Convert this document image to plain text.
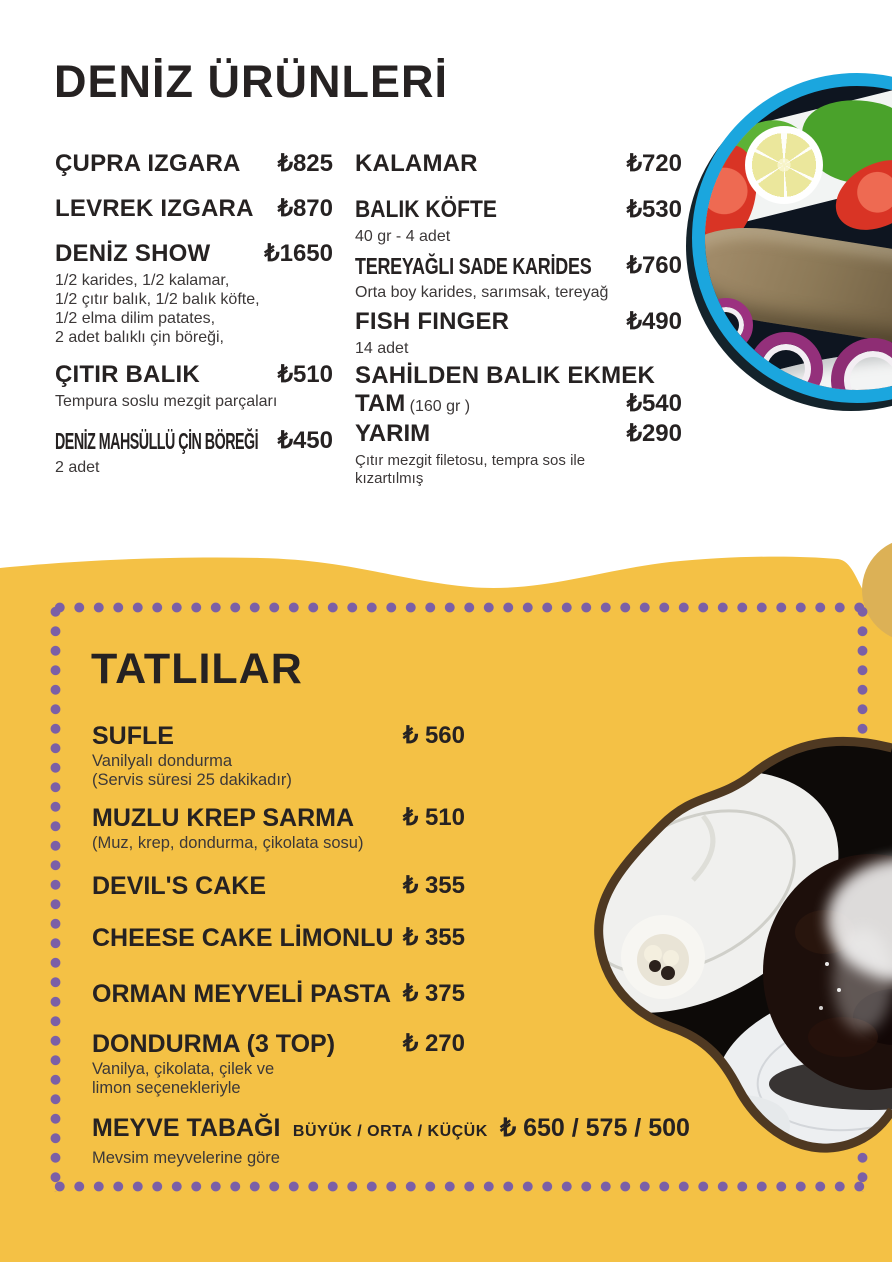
DENİZ ÜRÜNLERİ
ÇUPRA IZGARA ₺825
LEVREK IZGARA ₺870
DENİZ SHOW ₺1650
1/2 karides, 1/2 kalamar,
1/2 çıtır balık, 1/2 balık köfte,
1/2 elma dilim patates,
2 adet balıklı çin böreği,
ÇITIR BALIK	₺510
Tempura soslu mezgit parçaları
DENİZ MAHSÜLLÜ ÇİN BÖREĞİ ₺450
2 adet
KALAMAR	₺720
BALIK KÖFTE	₺530
40 gr - 4 adet
TEREYAĞLI SADE KARİDES ₺760
Orta boy karides, sarımsak, tereyağ
FISH FINGER	₺490
14 adet
SAHİLDEN BALIK EKMEK
TAM (160 gr )	₺540
YARIM	₺290
Çıtır mezgit filetosu, tempra sos ile
kızartılmış
TATLILAR
SUFLE	₺ 560
Vanilyalı dondurma
(Servis süresi 25 dakikadır)
MUZLU KREP SARMA ₺ 510
(Muz, krep, dondurma, çikolata sosu)
DEVIL'S CAKE	₺ 355
CHEESE CAKE LİMONLU ₺ 355
ORMAN MEYVELİ PASTA ₺ 375
DONDURMA (3 TOP)	₺ 270
Vanilya, çikolata, çilek ve
limon seçenekleriyle
MEYVE TABAĞI BÜYÜK / ORTA / KÜÇÜK ₺ 650 / 575 / 500
Mevsim meyvelerine göre
